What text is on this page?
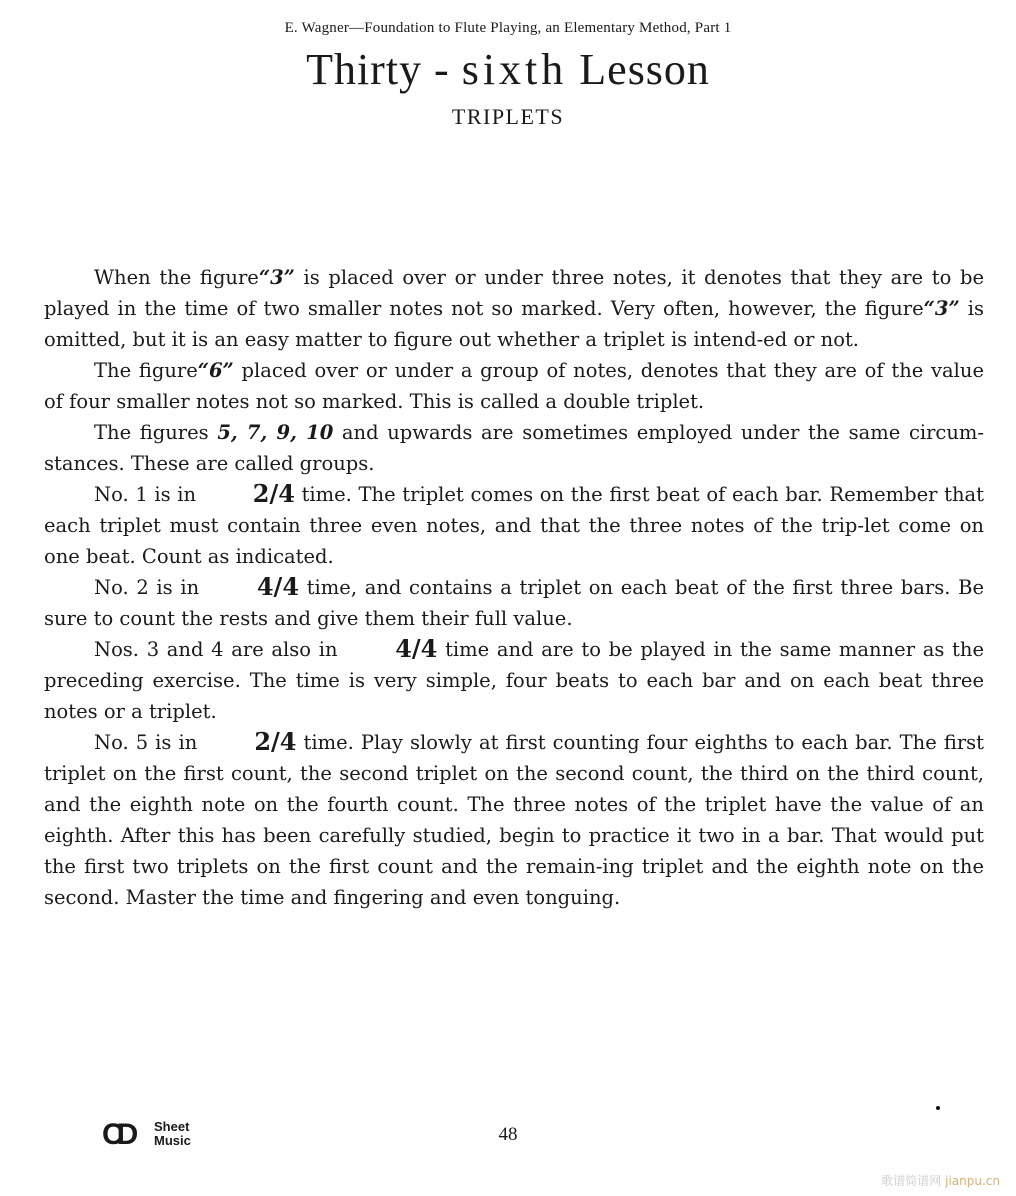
E. Wagner—Foundation to Flute Playing, an Elementary Method, Part 1
Thirty - sixth Lesson
TRIPLETS

When the figure“3” is placed over or under three notes, it denotes that they are to be played in the time of two smaller notes not so marked. Very often, however, the figure“3” is omitted, but it is an easy matter to figure out whether a triplet is intend-ed or not.

The figure“6” placed over or under a group of notes, denotes that they are of the value of four smaller notes not so marked. This is called a double triplet.

The figures 5, 7, 9, 10 and upwards are sometimes employed under the same circum-stances. These are called groups.

No. 1 is in 2/4 time. The triplet comes on the first beat of each bar. Remember that each triplet must contain three even notes, and that the three notes of the trip-let come on one beat. Count as indicated.

No. 2 is in 4/4 time, and contains a triplet on each beat of the first three bars. Be sure to count the rests and give them their full value.

Nos. 3 and 4 are also in 4/4 time and are to be played in the same manner as the preceding exercise. The time is very simple, four beats to each bar and on each beat three notes or a triplet.

No. 5 is in 2/4 time. Play slowly at first counting four eighths to each bar. The first triplet on the first count, the second triplet on the second count, the third on the third count, and the eighth note on the fourth count. The three notes of the triplet have the value of an eighth. After this has been carefully studied, begin to practice it two in a bar. That would put the first two triplets on the first count and the remain-ing triplet and the eighth note on the second. Master the time and fingering and even tonguing.

CD Sheet
Music	48
歌谱简谱网 jianpu.cn
